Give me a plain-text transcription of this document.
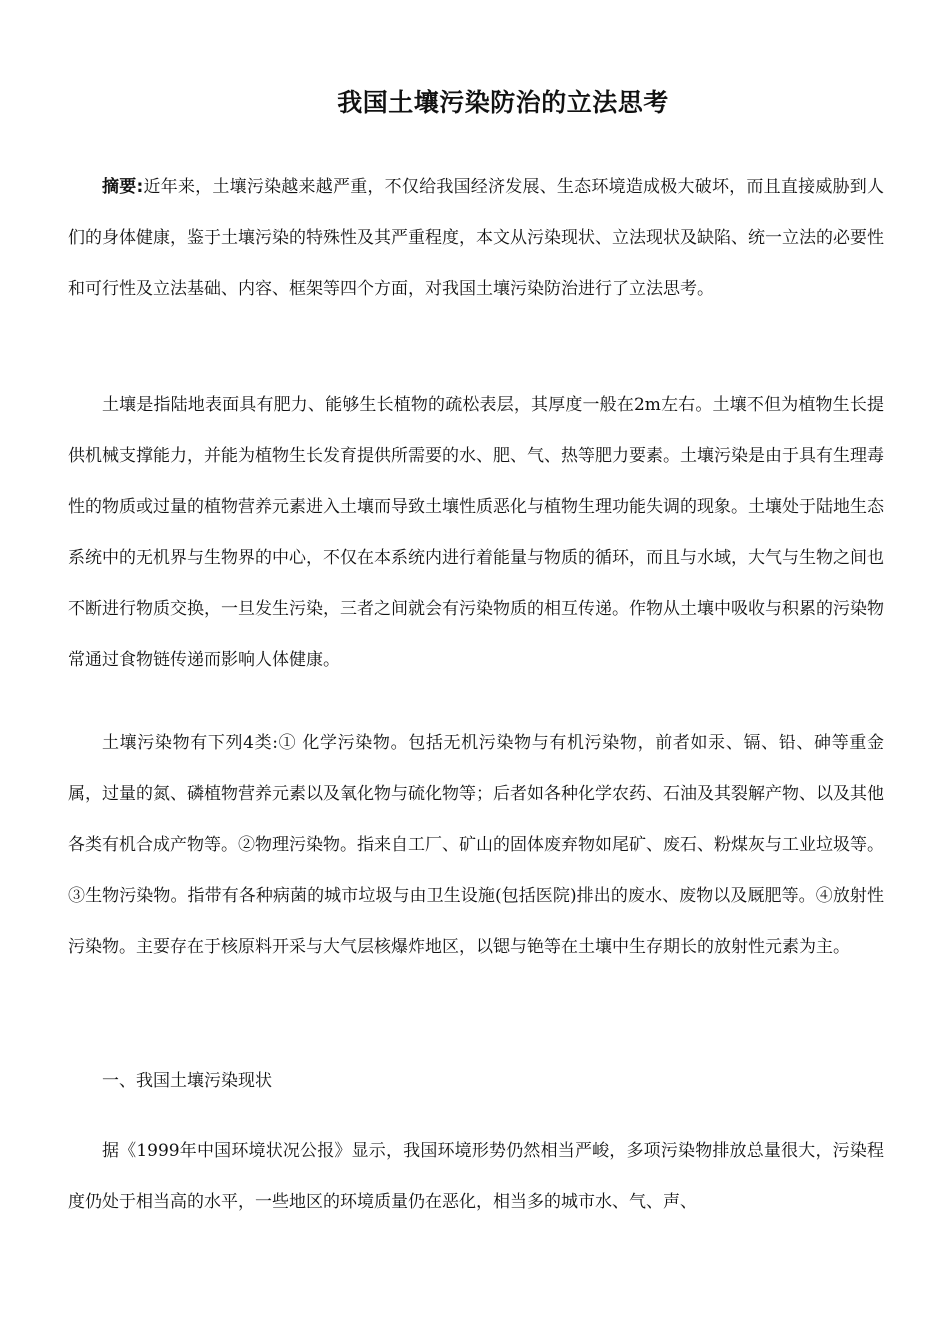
我国土壤污染防治的立法思考

摘要:近年来，土壤污染越来越严重，不仅给我国经济发展、生态环境造成极大破坏，而且直接威胁到人们的身体健康，鉴于土壤污染的特殊性及其严重程度，本文从污染现状、立法现状及缺陷、统一立法的必要性和可行性及立法基础、内容、框架等四个方面，对我国土壤污染防治进行了立法思考。

土壤是指陆地表面具有肥力、能够生长植物的疏松表层，其厚度一般在2m左右。土壤不但为植物生长提供机械支撑能力，并能为植物生长发育提供所需要的水、肥、气、热等肥力要素。土壤污染是由于具有生理毒性的物质或过量的植物营养元素进入土壤而导致土壤性质恶化与植物生理功能失调的现象。土壤处于陆地生态系统中的无机界与生物界的中心，不仅在本系统内进行着能量与物质的循环，而且与水域，大气与生物之间也不断进行物质交换，一旦发生污染，三者之间就会有污染物质的相互传递。作物从土壤中吸收与积累的污染物常通过食物链传递而影响人体健康。

土壤污染物有下列4类:① 化学污染物。包括无机污染物与有机污染物，前者如汞、镉、铅、砷等重金属，过量的氮、磷植物营养元素以及氧化物与硫化物等；后者如各种化学农药、石油及其裂解产物、以及其他各类有机合成产物等。②物理污染物。指来自工厂、矿山的固体废弃物如尾矿、废石、粉煤灰与工业垃圾等。③生物污染物。指带有各种病菌的城市垃圾与由卫生设施(包括医院)排出的废水、废物以及厩肥等。④放射性污染物。主要存在于核原料开采与大气层核爆炸地区，以锶与铯等在土壤中生存期长的放射性元素为主。

一、我国土壤污染现状

据《1999年中国环境状况公报》显示，我国环境形势仍然相当严峻，多项污染物排放总量很大，污染程度仍处于相当高的水平，一些地区的环境质量仍在恶化，相当多的城市水、气、声、
